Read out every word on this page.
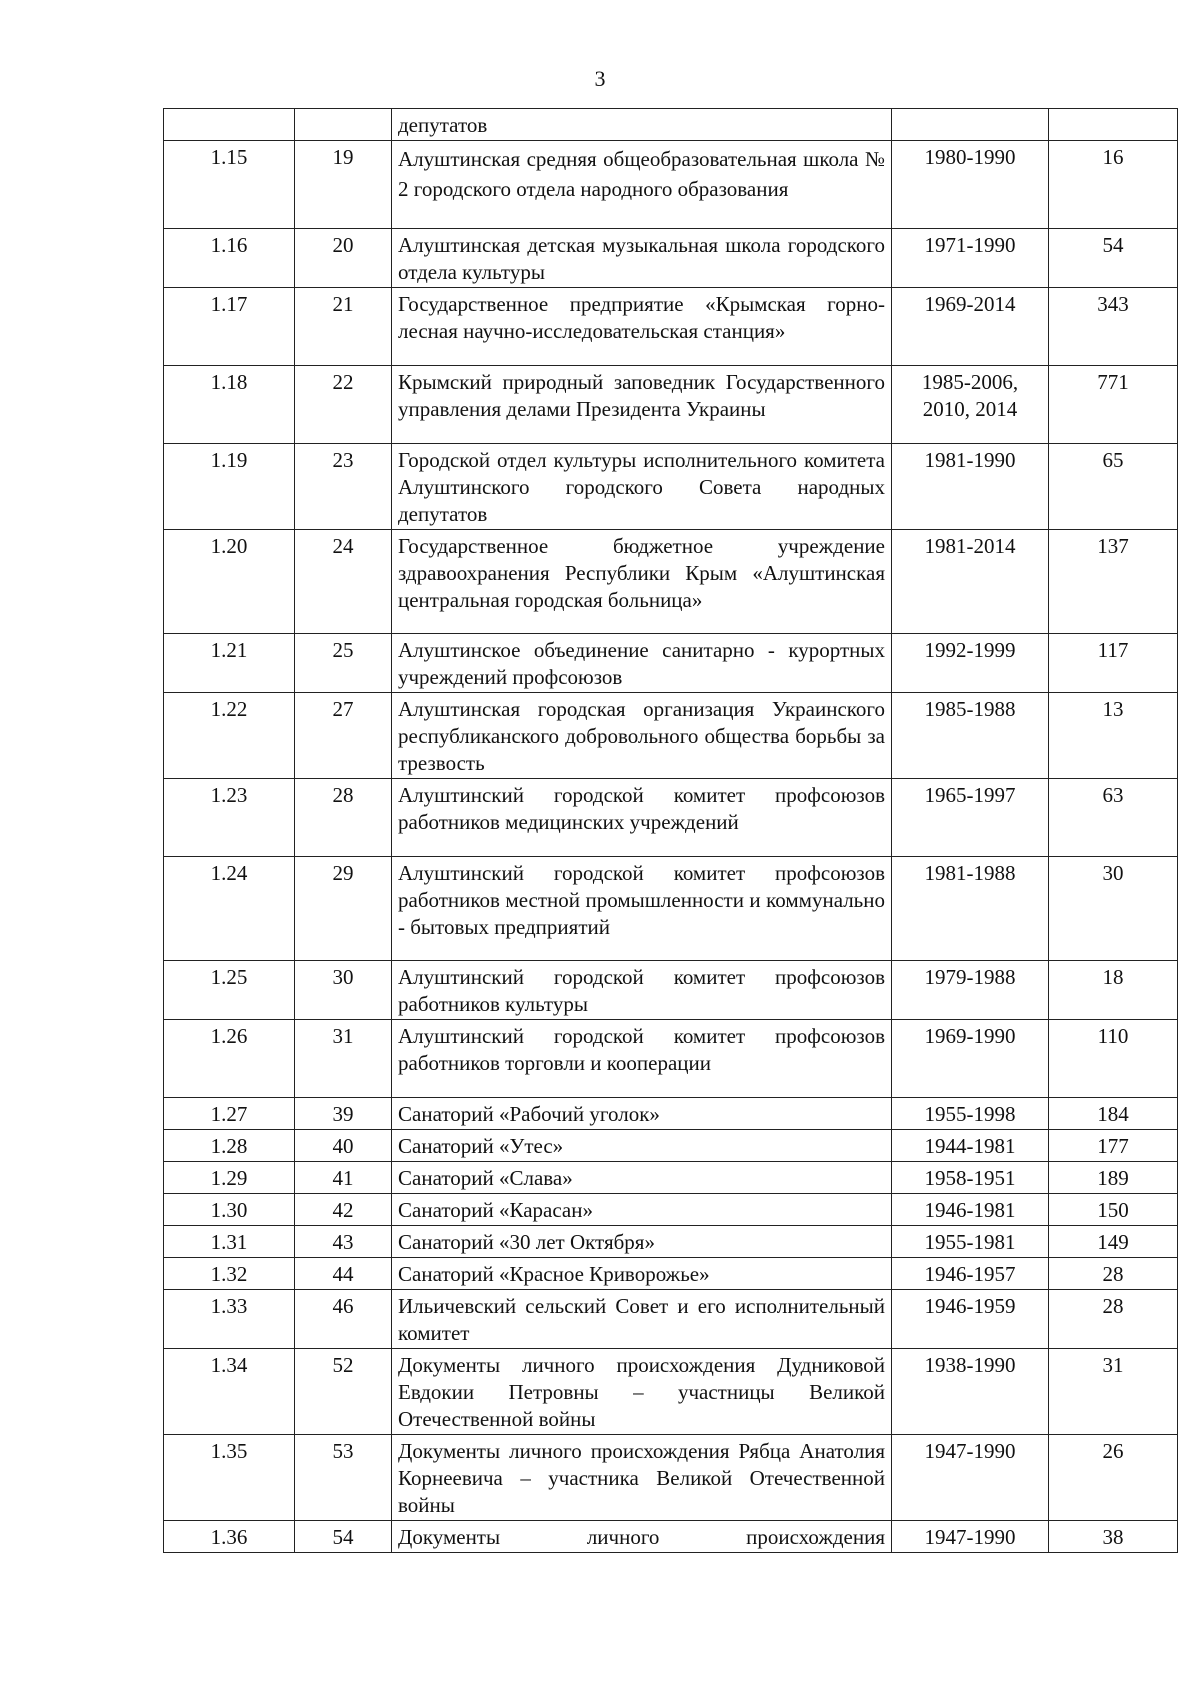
3
		депутатов		
1.15	19	Алуштинская средняя общеобразовательная школа № 2 городского отдела народного образования	1980-1990	16
1.16	20	Алуштинская детская музыкальная школа городского отдела культуры	1971-1990	54
1.17	21	Государственное предприятие «Крымская горно-лесная научно-исследовательская станция»	1969-2014	343
1.18	22	Крымский природный заповедник Государственного управления делами Президента Украины	1985-2006, 2010, 2014	771
1.19	23	Городской отдел культуры исполнительного комитета Алуштинского городского Совета народных депутатов	1981-1990	65
1.20	24	Государственное бюджетное учреждение здравоохранения Республики Крым «Алуштинская центральная городская больница»	1981-2014	137
1.21	25	Алуштинское объединение санитарно - курортных учреждений профсоюзов	1992-1999	117
1.22	27	Алуштинская городская организация Украинского республиканского добровольного общества борьбы за трезвость	1985-1988	13
1.23	28	Алуштинский городской комитет профсоюзов работников медицинских учреждений	1965-1997	63
1.24	29	Алуштинский городской комитет профсоюзов работников местной промышленности и коммунально - бытовых предприятий	1981-1988	30
1.25	30	Алуштинский городской комитет профсоюзов работников культуры	1979-1988	18
1.26	31	Алуштинский городской комитет профсоюзов работников торговли и кооперации	1969-1990	110
1.27	39	Санаторий «Рабочий уголок»	1955-1998	184
1.28	40	Санаторий «Утес»	1944-1981	177
1.29	41	Санаторий «Слава»	1958-1951	189
1.30	42	Санаторий «Карасан»	1946-1981	150
1.31	43	Санаторий «30 лет Октября»	1955-1981	149
1.32	44	Санаторий «Красное Криворожье»	1946-1957	28
1.33	46	Ильичевский сельский Совет и его исполнительный комитет	1946-1959	28
1.34	52	Документы личного происхождения Дудниковой Евдокии Петровны – участницы Великой Отечественной войны	1938-1990	31
1.35	53	Документы личного происхождения Рябца Анатолия Корнеевича – участника Великой Отечественной войны	1947-1990	26
1.36	54	Документы личного происхождения	1947-1990	38
